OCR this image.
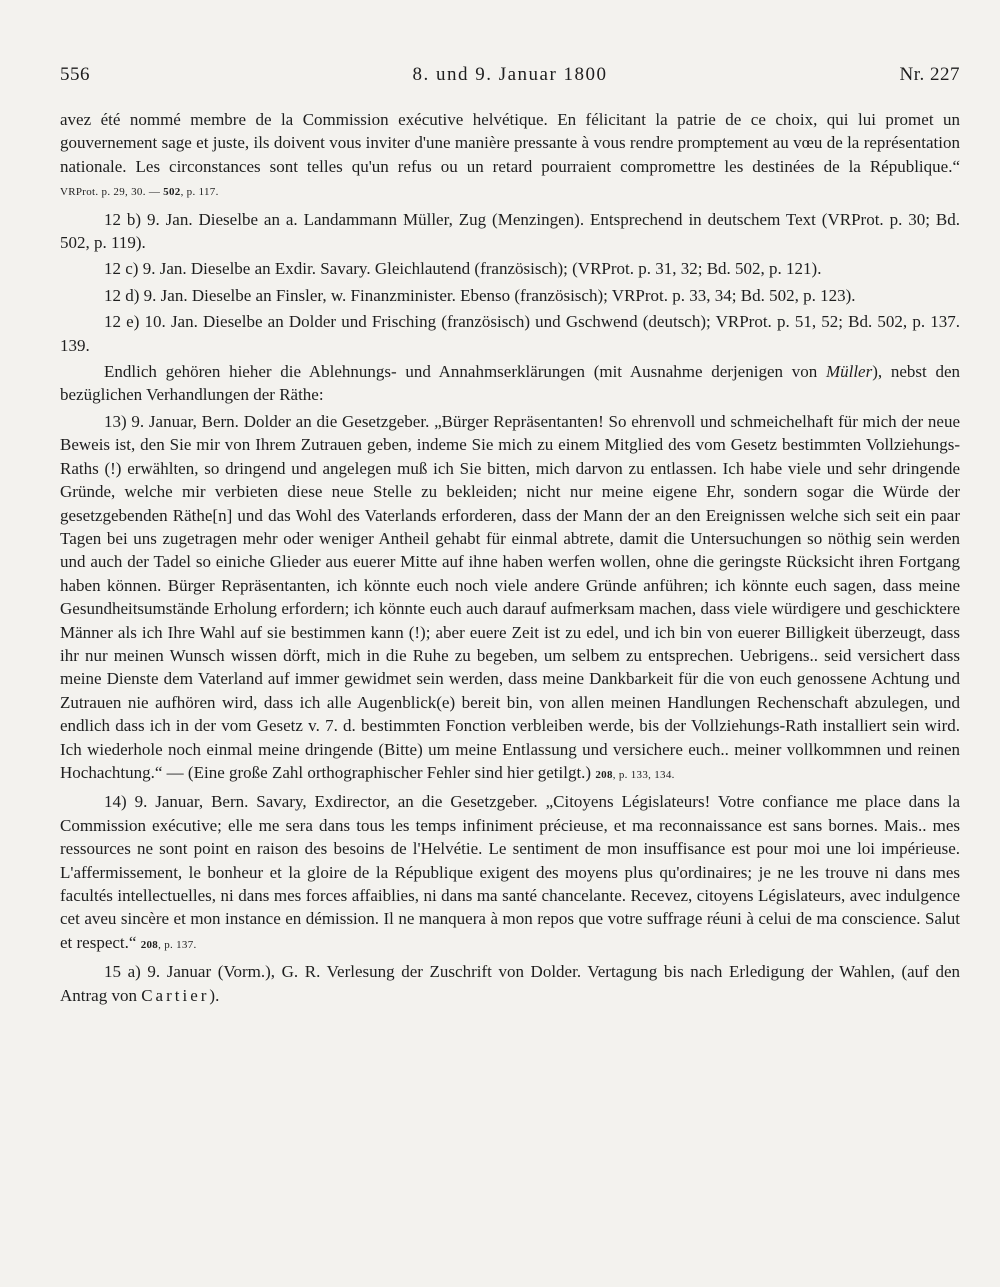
556	8. und 9. Januar 1800	Nr. 227

avez été nommé membre de la Commission exécutive helvétique. En félicitant la patrie de ce choix, qui lui promet un gouvernement sage et juste, ils doivent vous inviter d'une manière pressante à vous rendre promptement au vœu de la représentation nationale. Les circonstances sont telles qu'un refus ou un retard pourraient compromettre les destinées de la République.“ VRProt. p. 29, 30. — 502, p. 117.

12 b) 9. Jan. Dieselbe an a. Landammann Müller, Zug (Menzingen). Entsprechend in deutschem Text (VRProt. p. 30; Bd. 502, p. 119).

12 c) 9. Jan. Dieselbe an Exdir. Savary. Gleichlautend (französisch); (VRProt. p. 31, 32; Bd. 502, p. 121).

12 d) 9. Jan. Dieselbe an Finsler, w. Finanzminister. Ebenso (französisch); VRProt. p. 33, 34; Bd. 502, p. 123).

12 e) 10. Jan. Dieselbe an Dolder und Frisching (französisch) und Gschwend (deutsch); VRProt. p. 51, 52; Bd. 502, p. 137. 139.

Endlich gehören hieher die Ablehnungs- und Annahmserklärungen (mit Ausnahme derjenigen von Müller), nebst den bezüglichen Verhandlungen der Räthe:

13) 9. Januar, Bern. Dolder an die Gesetzgeber. „Bürger Repräsentanten! So ehrenvoll und schmeichelhaft für mich der neue Beweis ist, den Sie mir von Ihrem Zutrauen geben, indeme Sie mich zu einem Mitglied des vom Gesetz bestimmten Vollziehungs-Raths (!) erwählten, so dringend und angelegen muß ich Sie bitten, mich darvon zu entlassen. Ich habe viele und sehr dringende Gründe, welche mir verbieten diese neue Stelle zu bekleiden; nicht nur meine eigene Ehr, sondern sogar die Würde der gesetzgebenden Räthe[n] und das Wohl des Vaterlands erforderen, dass der Mann der an den Ereignissen welche sich seit ein paar Tagen bei uns zugetragen mehr oder weniger Antheil gehabt für einmal abtrete, damit die Untersuchungen so nöthig sein werden und auch der Tadel so einiche Glieder aus euerer Mitte auf ihne haben werfen wollen, ohne die geringste Rücksicht ihren Fortgang haben können. Bürger Repräsentanten, ich könnte euch noch viele andere Gründe anführen; ich könnte euch sagen, dass meine Gesundheitsumstände Erholung erfordern; ich könnte euch auch darauf aufmerksam machen, dass viele würdigere und geschicktere Männer als ich Ihre Wahl auf sie bestimmen kann (!); aber euere Zeit ist zu edel, und ich bin von euerer Billigkeit überzeugt, dass ihr nur meinen Wunsch wissen dörft, mich in die Ruhe zu begeben, um selbem zu entsprechen. Uebrigens.. seid versichert dass meine Dienste dem Vaterland auf immer gewidmet sein werden, dass meine Dankbarkeit für die von euch genossene Achtung und Zutrauen nie aufhören wird, dass ich alle Augenblick(e) bereit bin, von allen meinen Handlungen Rechenschaft abzulegen, und endlich dass ich in der vom Gesetz v. 7. d. bestimmten Fonction verbleiben werde, bis der Vollziehungs-Rath installiert sein wird. Ich wiederhole noch einmal meine dringende (Bitte) um meine Entlassung und versichere euch.. meiner vollkommnen und reinen Hochachtung.“ — (Eine große Zahl orthographischer Fehler sind hier getilgt.) 208, p. 133, 134.

14) 9. Januar, Bern. Savary, Exdirector, an die Gesetzgeber. „Citoyens Législateurs! Votre confiance me place dans la Commission exécutive; elle me sera dans tous les temps infiniment précieuse, et ma reconnaissance est sans bornes. Mais.. mes ressources ne sont point en raison des besoins de l'Helvétie. Le sentiment de mon insuffisance est pour moi une loi impérieuse. L'affermissement, le bonheur et la gloire de la République exigent des moyens plus qu'ordinaires; je ne les trouve ni dans mes facultés intellectuelles, ni dans mes forces affaiblies, ni dans ma santé chancelante. Recevez, citoyens Législateurs, avec indulgence cet aveu sincère et mon instance en démission. Il ne manquera à mon repos que votre suffrage réuni à celui de ma conscience. Salut et respect.“ 208, p. 137.

15 a) 9. Januar (Vorm.), G. R. Verlesung der Zuschrift von Dolder. Vertagung bis nach Erledigung der Wahlen, (auf den Antrag von Cartier).
